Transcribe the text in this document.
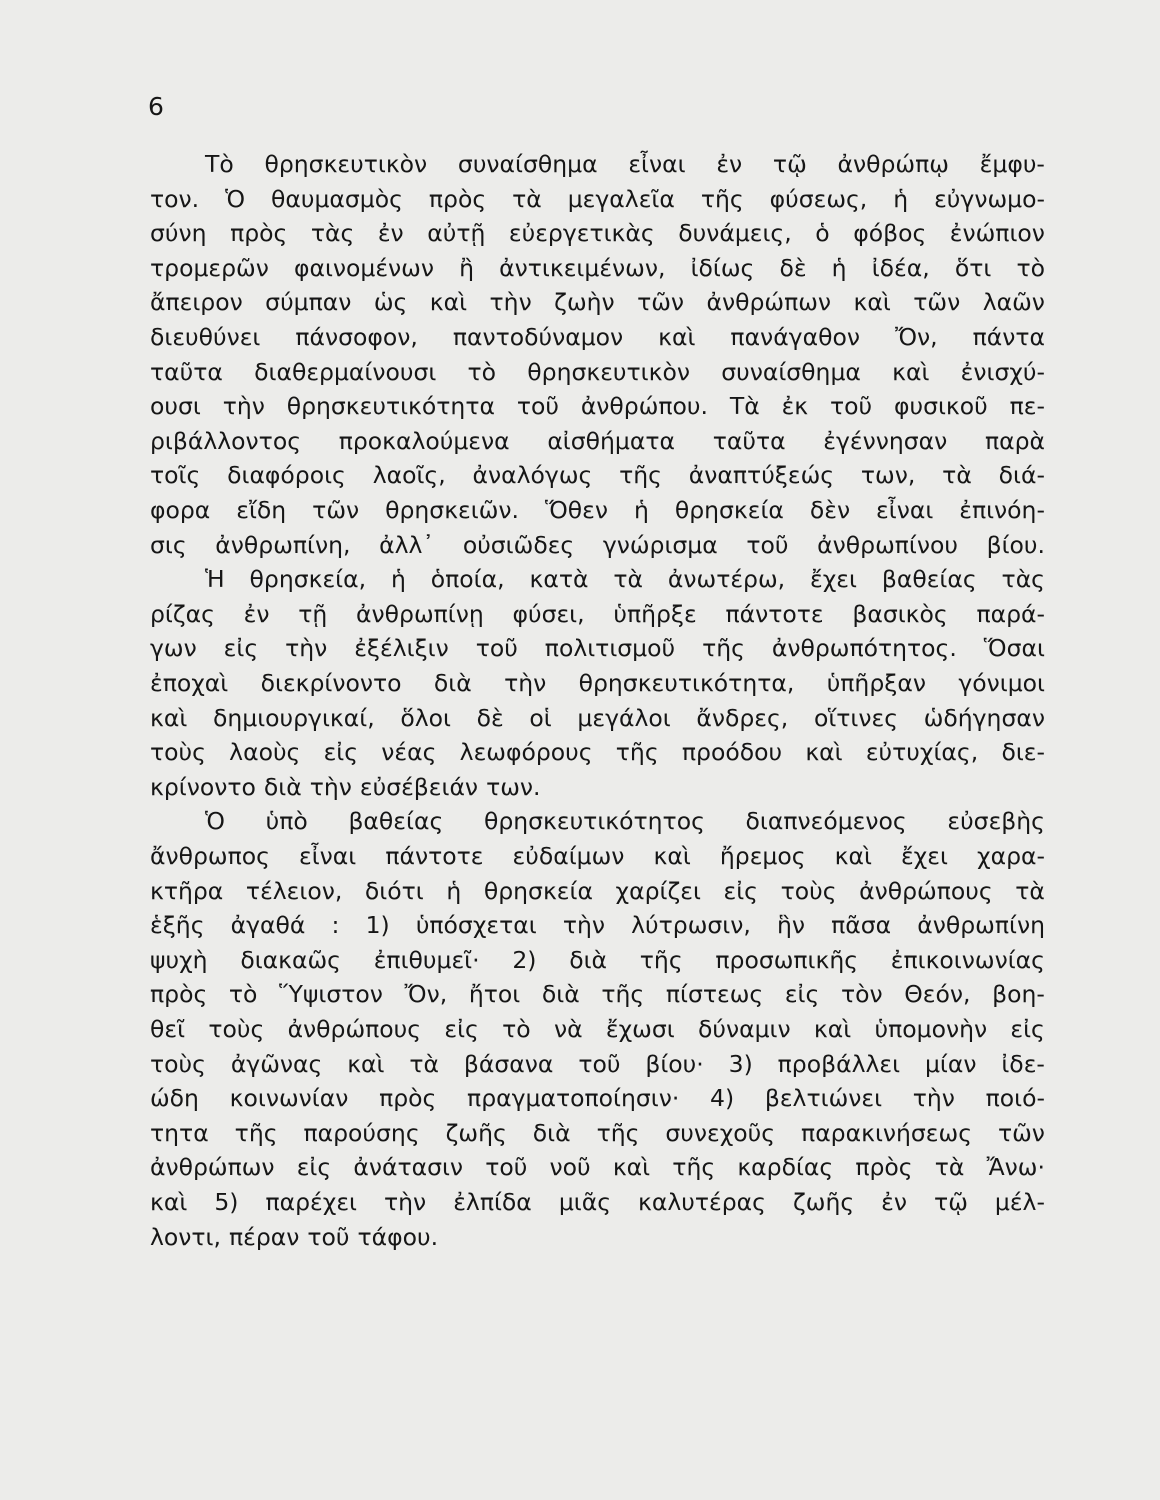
6
Τὸ θρησκευτικὸν συναίσθημα εἶναι ἐν τῷ ἀνθρώπῳ ἔμφυ-
τον. Ὁ θαυμασμὸς πρὸς τὰ μεγαλεῖα τῆς φύσεως, ἡ εὐγνωμο-
σύνη πρὸς τὰς ἐν αὐτῇ εὐεργετικὰς δυνάμεις, ὁ φόβος ἐνώπιον
τρομερῶν φαινομένων ἢ ἀντικειμένων, ἰδίως δὲ ἡ ἰδέα, ὅτι τὸ
ἄπειρον σύμπαν ὡς καὶ τὴν ζωὴν τῶν ἀνθρώπων καὶ τῶν λαῶν
διευθύνει πάνσοφον, παντοδύναμον καὶ πανάγαθον Ὄν, πάντα
ταῦτα διαθερμαίνουσι τὸ θρησκευτικὸν συναίσθημα καὶ ἐνισχύ-
ουσι τὴν θρησκευτικότητα τοῦ ἀνθρώπου. Τὰ ἐκ τοῦ φυσικοῦ πε-
ριβάλλοντος προκαλούμενα αἰσθήματα ταῦτα ἐγέννησαν παρὰ
τοῖς διαφόροις λαοῖς, ἀναλόγως τῆς ἀναπτύξεώς των, τὰ διά-
φορα εἴδη τῶν θρησκειῶν. Ὅθεν ἡ θρησκεία δὲν εἶναι ἐπινόη-
σις ἀνθρωπίνη, ἀλλ᾽ οὐσιῶδες γνώρισμα τοῦ ἀνθρωπίνου βίου.
Ἡ θρησκεία, ἡ ὁποία, κατὰ τὰ ἀνωτέρω, ἔχει βαθείας τὰς
ρίζας ἐν τῇ ἀνθρωπίνῃ φύσει, ὑπῆρξε πάντοτε βασικὸς παρά-
γων εἰς τὴν ἐξέλιξιν τοῦ πολιτισμοῦ τῆς ἀνθρωπότητος. Ὅσαι
ἐποχαὶ διεκρίνοντο διὰ τὴν θρησκευτικότητα, ὑπῆρξαν γόνιμοι
καὶ δημιουργικαί, ὅλοι δὲ οἱ μεγάλοι ἄνδρες, οἵτινες ὡδήγησαν
τοὺς λαοὺς εἰς νέας λεωφόρους τῆς προόδου καὶ εὐτυχίας, διε-
κρίνοντο διὰ τὴν εὐσέβειάν των.
Ὁ ὑπὸ βαθείας θρησκευτικότητος διαπνεόμενος εὐσεβὴς
ἄνθρωπος εἶναι πάντοτε εὐδαίμων καὶ ἤρεμος καὶ ἔχει χαρα-
κτῆρα τέλειον, διότι ἡ θρησκεία χαρίζει εἰς τοὺς ἀνθρώπους τὰ
ἑξῆς ἀγαθά : 1) ὑπόσχεται τὴν λύτρωσιν, ἣν πᾶσα ἀνθρωπίνη
ψυχὴ διακαῶς ἐπιθυμεῖ· 2) διὰ τῆς προσωπικῆς ἐπικοινωνίας
πρὸς τὸ Ὕψιστον Ὄν, ἤτοι διὰ τῆς πίστεως εἰς τὸν Θεόν, βοη-
θεῖ τοὺς ἀνθρώπους εἰς τὸ νὰ ἔχωσι δύναμιν καὶ ὑπομονὴν εἰς
τοὺς ἀγῶνας καὶ τὰ βάσανα τοῦ βίου· 3) προβάλλει μίαν ἰδε-
ώδη κοινωνίαν πρὸς πραγματοποίησιν· 4) βελτιώνει τὴν ποιό-
τητα τῆς παρούσης ζωῆς διὰ τῆς συνεχοῦς παρακινήσεως τῶν
ἀνθρώπων εἰς ἀνάτασιν τοῦ νοῦ καὶ τῆς καρδίας πρὸς τὰ Ἄνω·
καὶ 5) παρέχει τὴν ἐλπίδα μιᾶς καλυτέρας ζωῆς ἐν τῷ μέλ-
λοντι, πέραν τοῦ τάφου.
